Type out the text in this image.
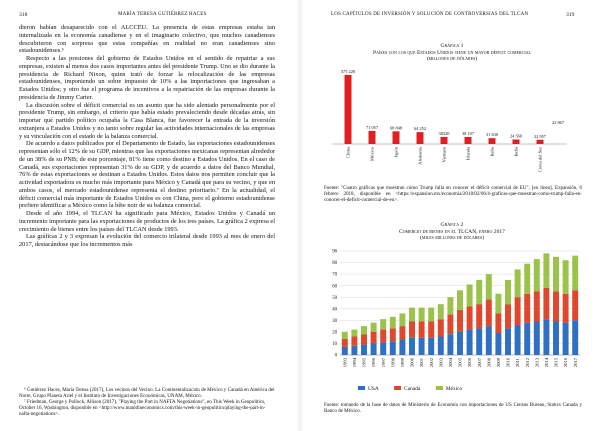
318	MARÍA TERESA GUTIÉRREZ HACES

dieron habían desaparecido con el ALCCEU. La presencia de estas empresas estaba tan internalizada en la economía canadiense y en el imaginario colectivo, que muchos canadienses descubrieron con sorpresa que estas compañías en realidad no eran canadienses sino estadounidenses.⁶

Respecto a las presiones del gobierno de Estados Unidos en el sentido de repatriar a sus empresas, existen al menos dos casos importantes antes del presidente Trump. Uno se dio durante la presidencia de Richard Nixon, quien trató de forzar la relocalización de las empresas estadounidenses, imponiendo un sobre impuesto de 10% a las importaciones que ingresaban a Estados Unidos; y otro fue el programa de incentivos a la repatriación de las empresas durante la presidencia de Jimmy Carter.

La discusión sobre el déficit comercial es un asunto que ha sido alentado personalmente por el presidente Trump, sin embargo, el criterio que había estado prevaleciendo desde décadas atrás, sin importar qué partido político ocupaba la Casa Blanca, fue favorecer la entrada de la inversión extranjera a Estados Unidos y no tanto sobre regular las actividades internacionales de las empresas y su vinculación con el estado de la balanza comercial.

De acuerdo a datos publicados por el Departamento de Estado, las exportaciones estadounidenses representan sólo el 12% de su GDP, mientras que las exportaciones mexicanas representan alrededor de un 38% de su PNB; de este porcentaje, 81% tiene como destino a Estados Unidos. En el caso de Canadá, sus exportaciones representan 31% de su GDP, y de acuerdo a datos del Banco Mundial, 76% de estas exportaciones se destinan a Estados Unidos. Estos datos nos permiten concluir que la actividad exportadora es mucho más importante para México y Canadá que para su vecino, y que en ambos casos, el mercado estadounidense representa el destino prioritario.⁷ En la actualidad, el déficit comercial más importante de Estados Unidos es con China, pero el gobierno estadounidense prefiere identificar a México como la bête noir de su balanza comercial.

Desde el año 1994, el TLCAN ha significado para México, Estados Unidos y Canadá un incremento importante para las exportaciones de productos de los tres países. La gráfica 2 expresa el crecimiento de bienes entre los países del TLCAN desde 1993.

Las gráficas 2 y 3 expresan la evolución del comercio trilateral desde 1993 al mes de enero del 2017, destacándose que los incrementos más

⁶ Gutiérrez Haces, María Teresa (2017), Los vecinos del Vecino. La Continentalización de México y Canadá en América del Norte, Grupo Planeta Ariel y el Instituto de Investigaciones Económicas, UNAM, México.
⁷ Friedman, George y Pollock, Allison (2017), "Playing the Part in NAFTA Negotiations", en This Week in Geopolitics, October 16, Washington, disponible en <http://www.mauldineconomics.com/this-week-in-geopolitics/playing-the-part-in-nafta-negotiations>.
319
LOS CAPÍTULOS DE INVERSIÓN Y SOLUCIÓN DE CONTROVERSIAS DEL TLCAN
Gráfica 1
Países con los que Estados Unidos tiene un mayor déficit comercial
(millones de dólares)
375 228
China
71 057
México
68 848
Japón
64 252
Alemania
38320
Vietnam
38 107
Irlanda
31 630
Italia
24 560
India
22 957
Corea del Sur
22 867
Fuente: "Cuatro gráficas que muestran cómo Trump falla en conocer el déficit comercial de EU", [en línea], Expansión, 6 febrero 2018, disponible en <https://expansion.mx/economia/2018/02/06/4-graficas-que-muestran-como-trump-falla-en-conocer-el-deficit-comercial-de-eu>.
Gráfica 2
Comercio de bienes en el TLCAN, enero 2017
(miles millones de dólares)
0
10
20
30
40
50
60
70
80
90
1993 1994 1995 1996 1997 1998 1999 2000 2001 2002 2003 2004 2005 2006 2007 2008 2009 2010 2011 2012 2013 2014 2015 2016 2017
USA	Canadá	México
Fuente: tomando de la base de datos de Ministerio de Economía con importaciones de US Census Bureau, Statics Canada y Banco de México.
